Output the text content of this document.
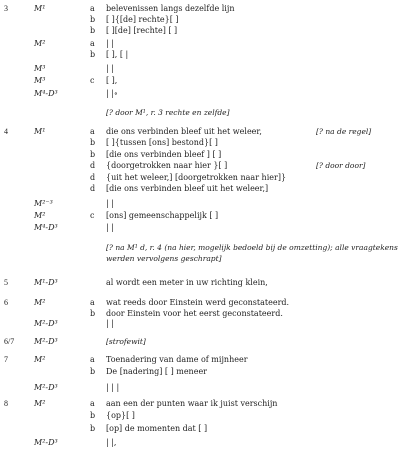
3	M¹	a belevenissen langs dezelfde lijn
b [ ]{[de] rechte}[ ]
b [ ][de] [rechte] [ ]
M²	a | |
b [ ], [ |
M³	| |
M³	c [ ],
M⁴-D³	| |∘
[? door M¹, r. 3 rechte en zelfde]
4	M¹	a die ons verbinden bleef uit het weleer,	[? na de regel]
b [ ]{tussen [ons] bestond}[ ]
b [die ons verbinden bleef ] [ ]
d {doorgetrokken naar hier }[ ]	[? door door]
d {uit het weleer,] [doorgetrokken naar hier]}
d [die ons verbinden bleef uit het weleer,]
M²⁻³	| |
M²	c [ons] gemeenschappelijk [ ]
M⁴-D³	| |
[? na M¹ d, r. 4 (na hier, mogelijk bedoeld bij de omzetting); alle vraagtekens werden vervolgens geschrapt]
5	M¹-D³	al wordt een meter in uw richting klein,
6	M²	a wat reeds door Einstein werd geconstateerd.
b door Einstein voor het eerst geconstateerd.
M²-D³	| |
6/7 M²-D³	[strofewit]
7	M²	a Toenadering van dame of mijnheer
b De [nadering] [ ] meneer
M²-D³	| | |
8	M²	a aan een der punten waar ik juist verschijn
b {op}[ ]
b [op] de momenten dat [ ]
M²-D³	| |,
